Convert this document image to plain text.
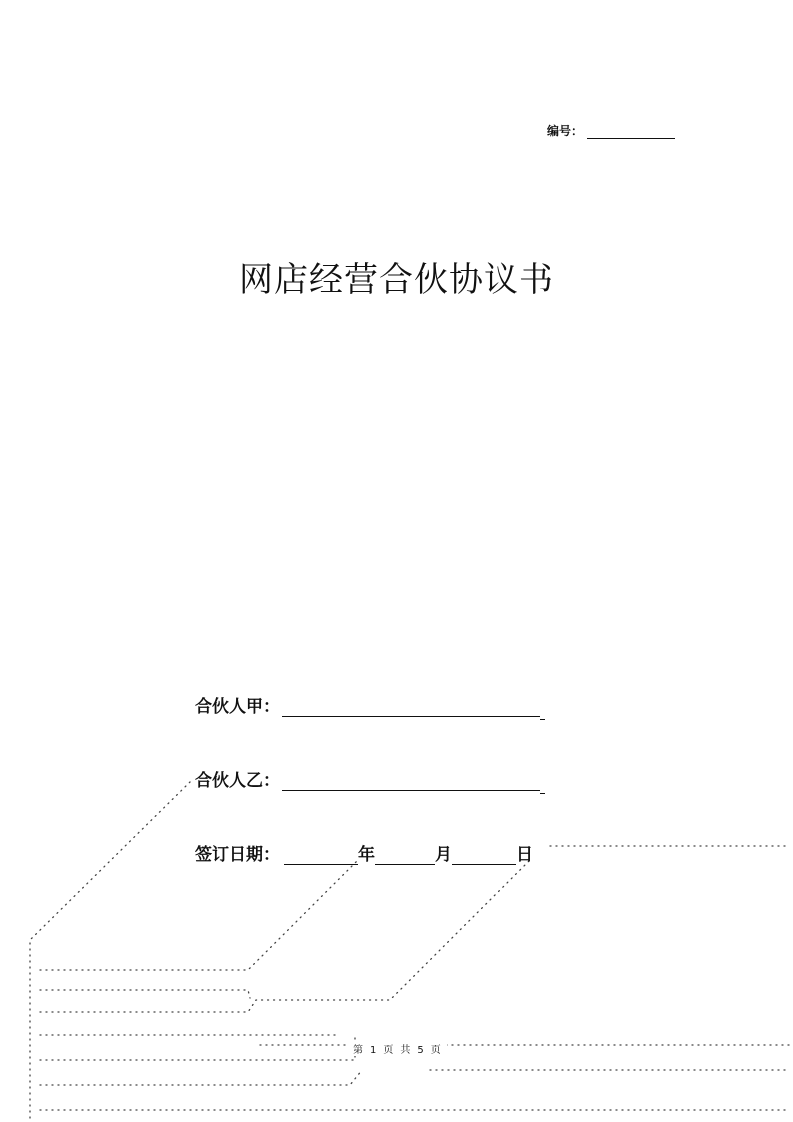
编号：
网店经营合伙协议书
合伙人甲：
合伙人乙：
签订日期：	年	月	日
第 1 页 共 5 页
